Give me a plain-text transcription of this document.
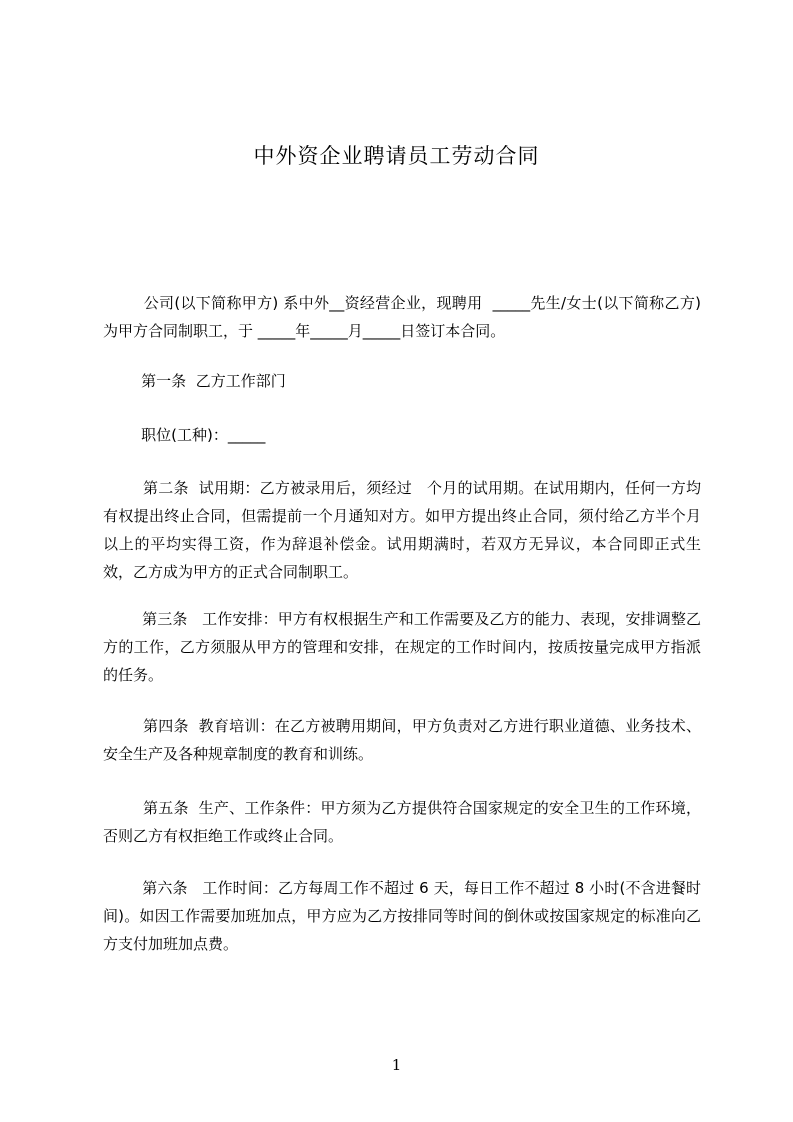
中外资企业聘请员工劳动合同

公司(以下简称甲方) 系中外__资经营企业，现聘用  _____先生/女士(以下简称乙方)为甲方合同制职工，于 _____年_____月_____日签订本合同。

第一条  乙方工作部门

职位(工种)：_____

第二条  试用期：乙方被录用后，须经过   个月的试用期。在试用期内，任何一方均有权提出终止合同，但需提前一个月通知对方。如甲方提出终止合同，须付给乙方半个月以上的平均实得工资，作为辞退补偿金。试用期满时，若双方无异议，本合同即正式生效，乙方成为甲方的正式合同制职工。

第三条   工作安排：甲方有权根据生产和工作需要及乙方的能力、表现，安排调整乙方的工作，乙方须服从甲方的管理和安排，在规定的工作时间内，按质按量完成甲方指派的任务。

第四条  教育培训：在乙方被聘用期间，甲方负责对乙方进行职业道德、业务技术、安全生产及各种规章制度的教育和训练。

第五条  生产、工作条件：甲方须为乙方提供符合国家规定的安全卫生的工作环境，否则乙方有权拒绝工作或终止合同。

第六条   工作时间：乙方每周工作不超过 6 天，每日工作不超过 8 小时(不含进餐时间)。如因工作需要加班加点，甲方应为乙方按排同等时间的倒休或按国家规定的标准向乙方支付加班加点费。

1
